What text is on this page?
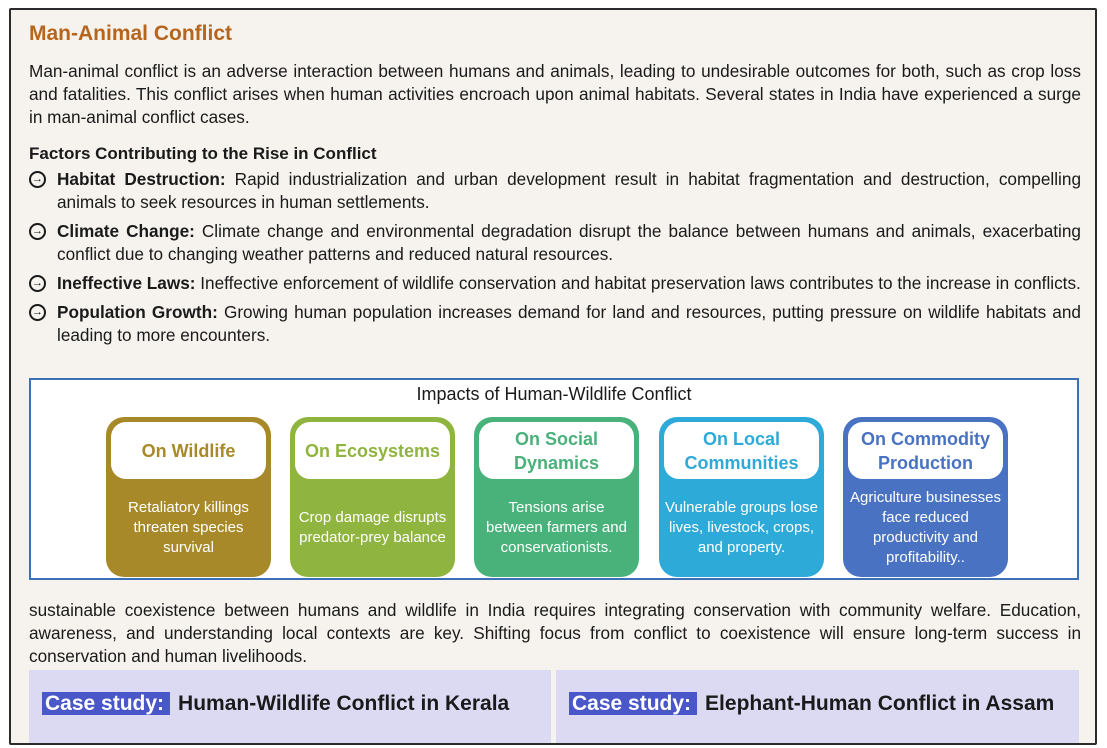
Man-Animal Conflict
Man-animal conflict is an adverse interaction between humans and animals, leading to undesirable outcomes for both, such as crop loss and fatalities. This conflict arises when human activities encroach upon animal habitats. Several states in India have experienced a surge in man-animal conflict cases.
Factors Contributing to the Rise in Conflict
→ Habitat Destruction: Rapid industrialization and urban development result in habitat fragmentation and destruction, compelling animals to seek resources in human settlements.
→ Climate Change: Climate change and environmental degradation disrupt the balance between humans and animals, exacerbating conflict due to changing weather patterns and reduced natural resources.
→ Ineffective Laws: Ineffective enforcement of wildlife conservation and habitat preservation laws contributes to the increase in conflicts.
→ Population Growth: Growing human population increases demand for land and resources, putting pressure on wildlife habitats and leading to more encounters.
Impacts of Human-Wildlife Conflict
On Wildlife
Retaliatory killings threaten species survival
On Ecosystems
Crop damage disrupts predator-prey balance
On Social Dynamics
Tensions arise between farmers and conservationists.
On Local Communities
Vulnerable groups lose lives, livestock, crops, and property.
On Commodity Production
Agriculture businesses face reduced productivity and profitability..
sustainable coexistence between humans and wildlife in India requires integrating conservation with community welfare. Education, awareness, and understanding local contexts are key. Shifting focus from conflict to coexistence will ensure long-term success in conservation and human livelihoods.
Case study: Human-Wildlife Conflict in Kerala	Case study: Elephant-Human Conflict in Assam
